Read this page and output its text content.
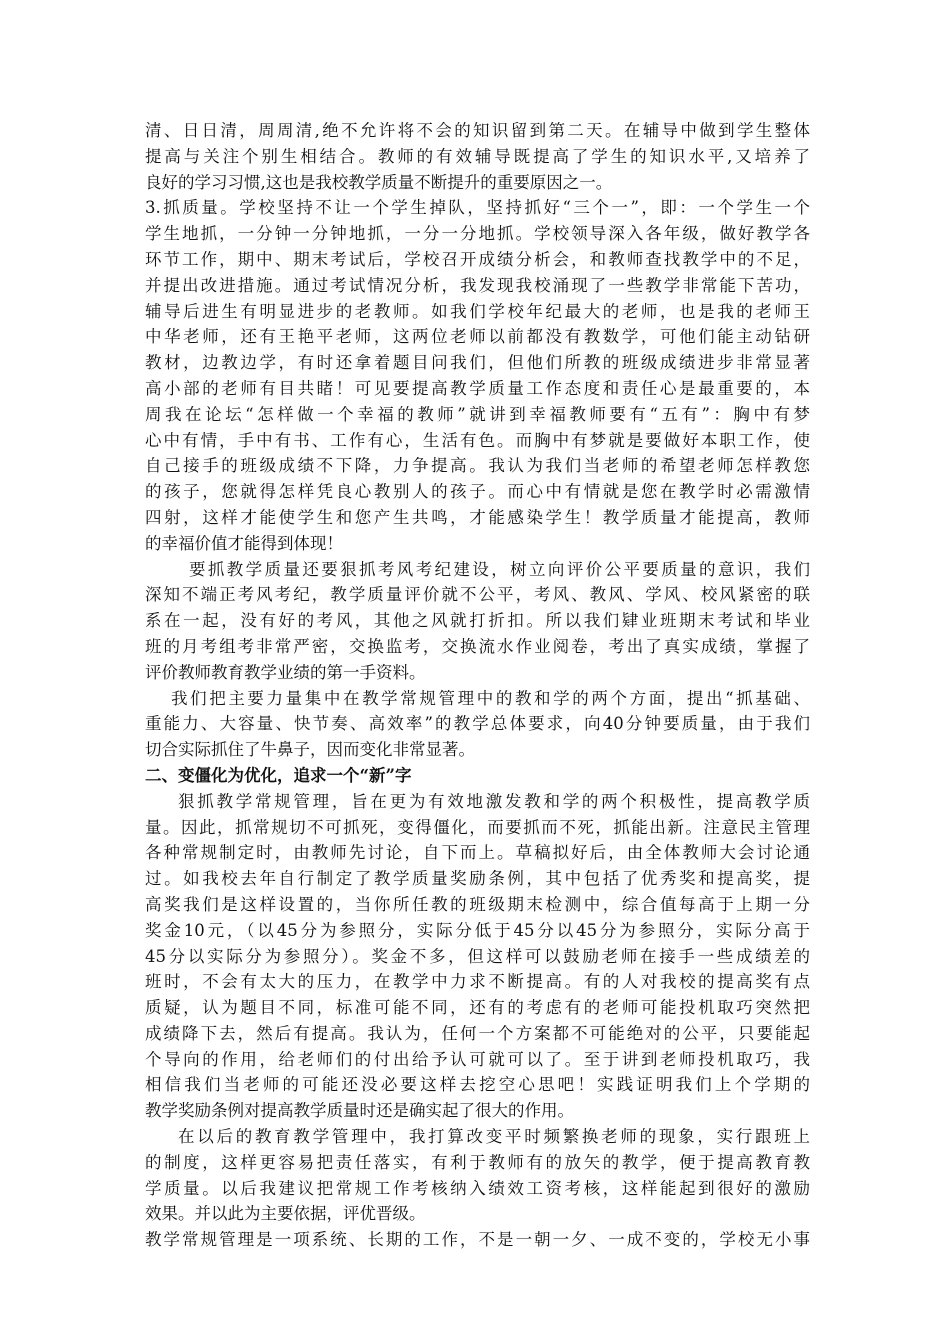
清、日日清，周周清,绝不允许将不会的知识留到第二天。在辅导中做到学生整体
提高与关注个别生相结合。教师的有效辅导既提高了学生的知识水平,又培养了
良好的学习习惯,这也是我校教学质量不断提升的重要原因之一。
3.抓质量。学校坚持不让一个学生掉队，坚持抓好“三个一”，即：一个学生一个
学生地抓，一分钟一分钟地抓，一分一分地抓。学校领导深入各年级，做好教学各
环节工作，期中、期末考试后，学校召开成绩分析会，和教师查找教学中的不足，
并提出改进措施。通过考试情况分析，我发现我校涌现了一些教学非常能下苦功，
辅导后进生有明显进步的老教师。如我们学校年纪最大的老师，也是我的老师王
中华老师，还有王艳平老师，这两位老师以前都没有教数学，可他们能主动钻研
教材，边教边学，有时还拿着题目问我们，但他们所教的班级成绩进步非常显著
高小部的老师有目共睹！可见要提高教学质量工作态度和责任心是最重要的，本
周我在论坛“怎样做一个幸福的教师”就讲到幸福教师要有“五有”：胸中有梦
心中有情，手中有书、工作有心，生活有色。而胸中有梦就是要做好本职工作，使
自己接手的班级成绩不下降，力争提高。我认为我们当老师的希望老师怎样教您
的孩子，您就得怎样凭良心教别人的孩子。而心中有情就是您在教学时必需激情
四射，这样才能使学生和您产生共鸣，才能感染学生！教学质量才能提高，教师
的幸福价值才能得到体现！
要抓教学质量还要狠抓考风考纪建设，树立向评价公平要质量的意识，我们
深知不端正考风考纪，教学质量评价就不公平，考风、教风、学风、校风紧密的联
系在一起，没有好的考风，其他之风就打折扣。所以我们肄业班期末考试和毕业
班的月考组考非常严密，交换监考，交换流水作业阅卷，考出了真实成绩，掌握了
评价教师教育教学业绩的第一手资料。
我们把主要力量集中在教学常规管理中的教和学的两个方面，提出“抓基础、
重能力、大容量、快节奏、高效率”的教学总体要求，向40分钟要质量，由于我们
切合实际抓住了牛鼻子，因而变化非常显著。
二、变僵化为优化，追求一个“新”字
狠抓教学常规管理，旨在更为有效地激发教和学的两个积极性，提高教学质
量。因此，抓常规切不可抓死，变得僵化，而要抓而不死，抓能出新。注意民主管理
各种常规制定时，由教师先讨论，自下而上。草稿拟好后，由全体教师大会讨论通
过。如我校去年自行制定了教学质量奖励条例，其中包括了优秀奖和提高奖，提
高奖我们是这样设置的，当你所任教的班级期末检测中，综合值每高于上期一分
奖金10元，（以45分为参照分，实际分低于45分以45分为参照分，实际分高于
45分以实际分为参照分）。奖金不多，但这样可以鼓励老师在接手一些成绩差的
班时，不会有太大的压力，在教学中力求不断提高。有的人对我校的提高奖有点
质疑，认为题目不同，标准可能不同，还有的考虑有的老师可能投机取巧突然把
成绩降下去，然后有提高。我认为，任何一个方案都不可能绝对的公平，只要能起
个导向的作用，给老师们的付出给予认可就可以了。至于讲到老师投机取巧，我
相信我们当老师的可能还没必要这样去挖空心思吧！实践证明我们上个学期的
教学奖励条例对提高教学质量时还是确实起了很大的作用。
在以后的教育教学管理中，我打算改变平时频繁换老师的现象，实行跟班上
的制度，这样更容易把责任落实，有利于教师有的放矢的教学，便于提高教育教
学质量。以后我建议把常规工作考核纳入绩效工资考核，这样能起到很好的激励
效果。并以此为主要依据，评优晋级。
教学常规管理是一项系统、长期的工作，不是一朝一夕、一成不变的，学校无小事
